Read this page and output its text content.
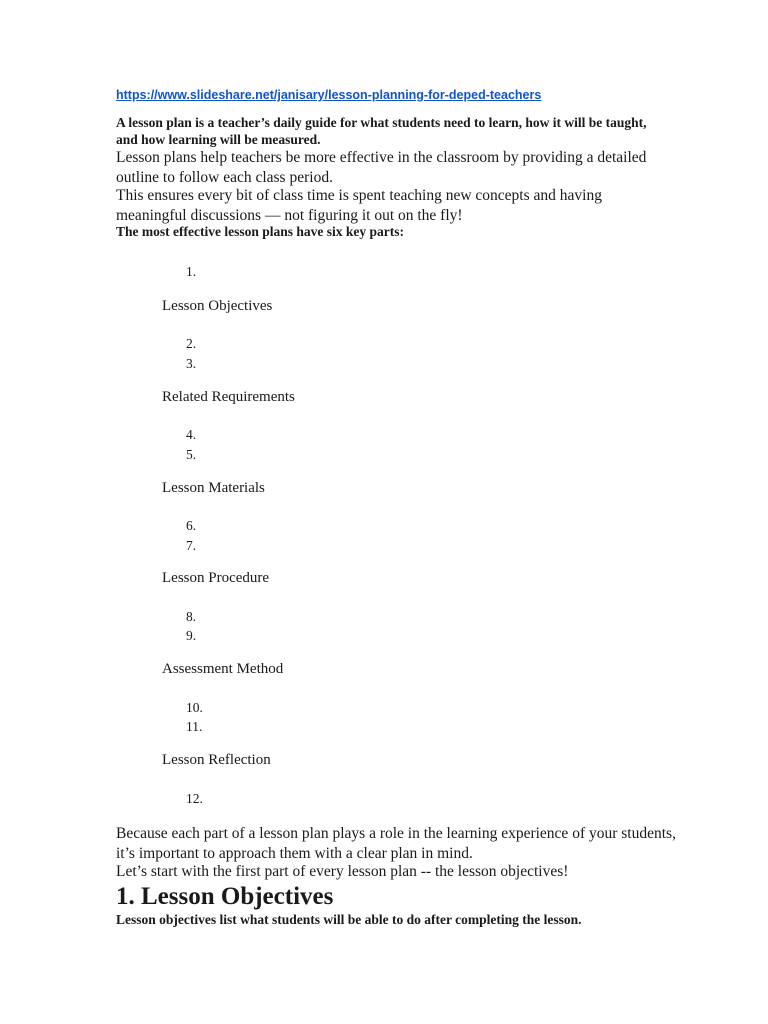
https://www.slideshare.net/janisary/lesson-planning-for-deped-teachers
A lesson plan is a teacher’s daily guide for what students need to learn, how it will be taught, and how learning will be measured.
Lesson plans help teachers be more effective in the classroom by providing a detailed outline to follow each class period.
This ensures every bit of class time is spent teaching new concepts and having meaningful discussions — not figuring it out on the fly!
The most effective lesson plans have six key parts:
1.
Lesson Objectives
2.
3.
Related Requirements
4.
5.
Lesson Materials
6.
7.
Lesson Procedure
8.
9.
Assessment Method
10.
11.
Lesson Reflection
12.
Because each part of a lesson plan plays a role in the learning experience of your students, it’s important to approach them with a clear plan in mind.
Let’s start with the first part of every lesson plan -- the lesson objectives!
1. Lesson Objectives
Lesson objectives list what students will be able to do after completing the lesson.
